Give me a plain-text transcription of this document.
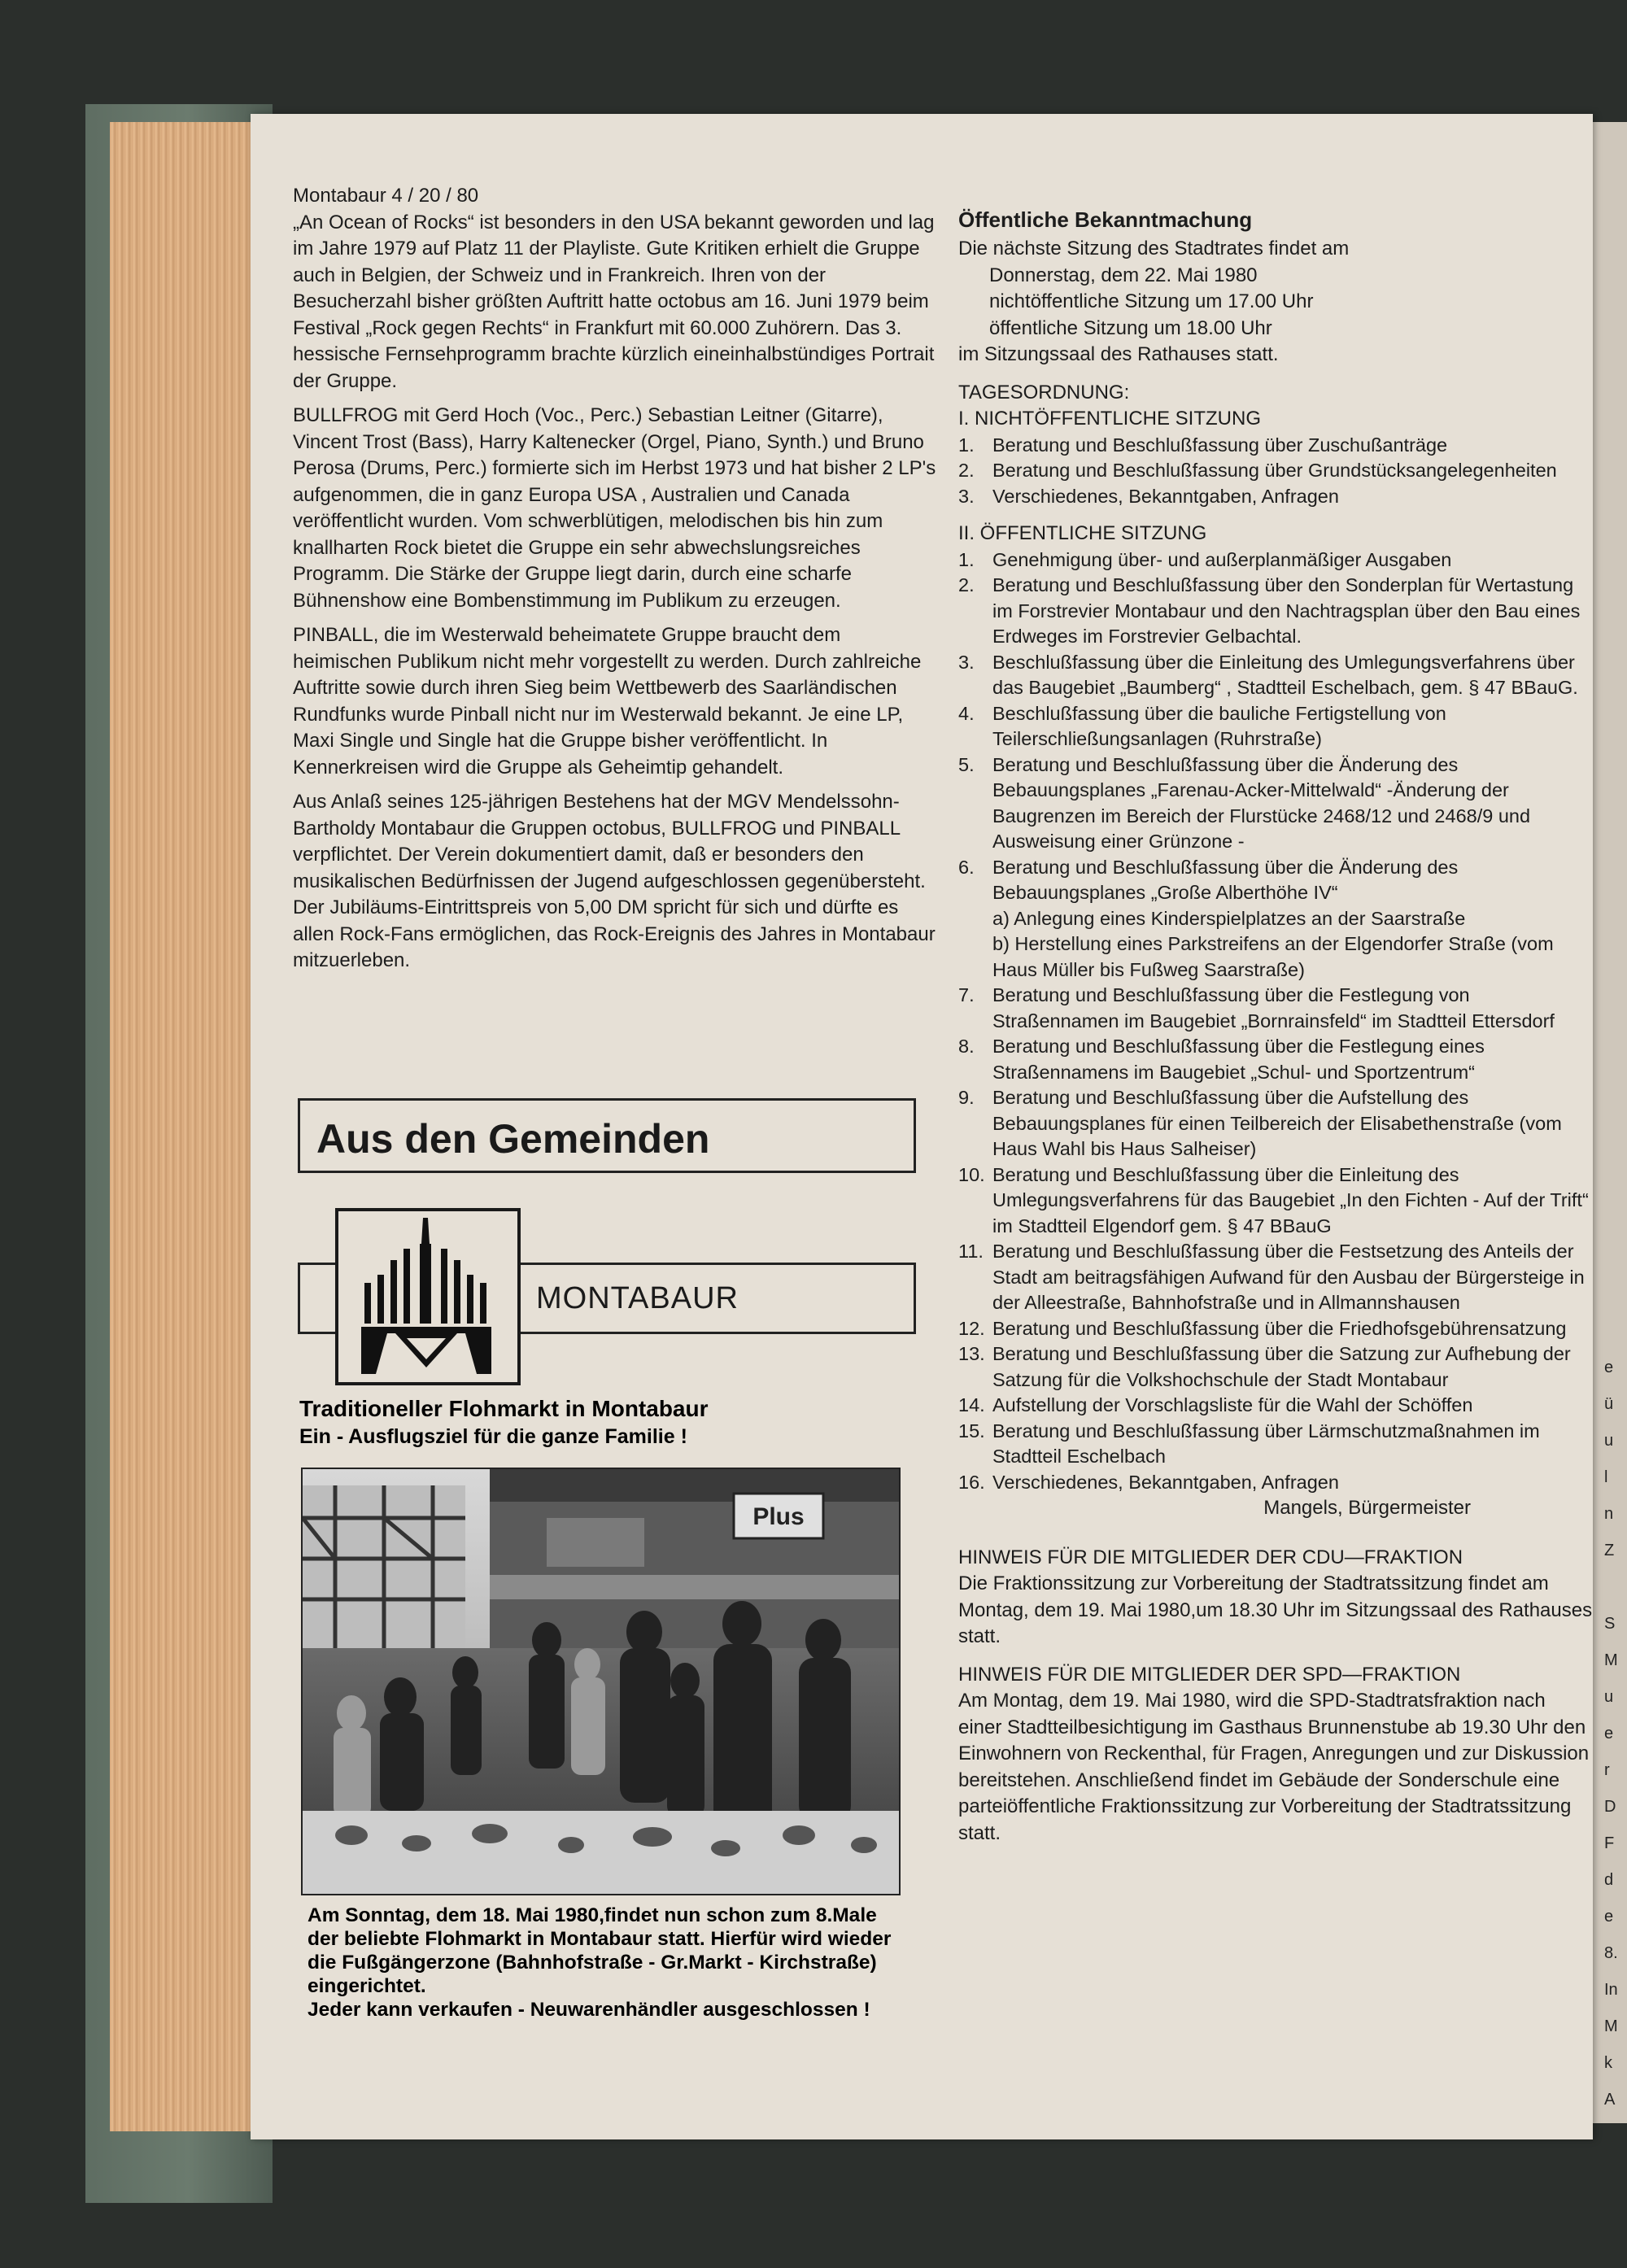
e
ü
u
l
n
Z
S
M
u
e
r
D
F
d
e
8.
In
M
k
A

Montabaur 4 / 20 / 80

„An Ocean of Rocks“ ist besonders in den USA bekannt geworden und lag im Jahre 1979 auf Platz 11 der Playliste. Gute Kritiken erhielt die Gruppe auch in Belgien, der Schweiz und in Frankreich. Ihren von der Besucherzahl bisher größten Auftritt hatte octobus am 16. Juni 1979 beim Festival „Rock gegen Rechts“ in Frankfurt mit 60.000 Zuhörern. Das 3. hessische Fernsehprogramm brachte kürzlich eineinhalbstündiges Portrait der Gruppe.

BULLFROG mit Gerd Hoch (Voc., Perc.) Sebastian Leitner (Gitarre), Vincent Trost (Bass), Harry Kaltenecker (Orgel, Piano, Synth.) und Bruno Perosa (Drums, Perc.) formierte sich im Herbst 1973 und hat bisher 2 LP's aufgenommen, die in ganz Europa USA , Australien und Canada veröffentlicht wurden. Vom schwerblütigen, melodischen bis hin zum knallharten Rock bietet die Gruppe ein sehr abwechslungsreiches Programm. Die Stärke der Gruppe liegt darin, durch eine scharfe Bühnenshow eine Bombenstimmung im Publikum zu erzeugen.

PINBALL, die im Westerwald beheimatete Gruppe braucht dem heimischen Publikum nicht mehr vorgestellt zu werden. Durch zahlreiche Auftritte sowie durch ihren Sieg beim Wettbewerb des Saarländischen Rundfunks wurde Pinball nicht nur im Westerwald bekannt. Je eine LP, Maxi Single und Single hat die Gruppe bisher veröffentlicht. In Kennerkreisen wird die Gruppe als Geheimtip gehandelt.

Aus Anlaß seines 125-jährigen Bestehens hat der MGV Mendelssohn-Bartholdy Montabaur die Gruppen octobus, BULLFROG und PINBALL verpflichtet. Der Verein dokumentiert damit, daß er besonders den musikalischen Bedürfnissen der Jugend aufgeschlossen gegenübersteht. Der Jubiläums-Eintrittspreis von 5,00 DM spricht für sich und dürfte es allen Rock-Fans ermöglichen, das Rock-Ereignis des Jahres in Montabaur mitzuerleben.

Aus den Gemeinden
MONTABAUR

Traditioneller Flohmarkt in Montabaur

Ein - Ausflugsziel für die ganze Familie !

Plus

Am Sonntag, dem 18. Mai 1980,findet nun schon zum 8.Male

der beliebte Flohmarkt in Montabaur statt. Hierfür wird wieder

die Fußgängerzone (Bahnhofstraße - Gr.Markt - Kirchstraße)

eingerichtet.

Jeder kann verkaufen - Neuwarenhändler ausgeschlossen !

Öffentliche Bekanntmachung

Die nächste Sitzung des Stadtrates findet am

Donnerstag, dem 22. Mai 1980

nichtöffentliche Sitzung um 17.00 Uhr

öffentliche Sitzung um 18.00 Uhr

im Sitzungssaal des Rathauses statt.

TAGESORDNUNG:

I. NICHTÖFFENTLICHE SITZUNG

1. Beratung und Beschlußfassung über Zuschußanträge
2. Beratung und Beschlußfassung über Grundstücksangelegenheiten
3. Verschiedenes, Bekanntgaben, Anfragen

II. ÖFFENTLICHE SITZUNG

1. Genehmigung über- und außerplanmäßiger Ausgaben
2. Beratung und Beschlußfassung über den Sonderplan für Wertastung im Forstrevier Montabaur und den Nachtragsplan über den Bau eines Erdweges im Forstrevier Gelbachtal.
3. Beschlußfassung über die Einleitung des Umlegungsverfahrens über das Baugebiet „Baumberg“ , Stadtteil Eschelbach, gem. § 47 BBauG.
4. Beschlußfassung über die bauliche Fertigstellung von Teilerschließungsanlagen (Ruhrstraße)
5. Beratung und Beschlußfassung über die Änderung des Bebauungsplanes „Farenau-Acker-Mittelwald“ -Änderung der Baugrenzen im Bereich der Flurstücke 2468/12 und 2468/9 und Ausweisung einer Grünzone -
6. Beratung und Beschlußfassung über die Änderung des Bebauungsplanes „Große Alberthöhe IV“
a) Anlegung eines Kinderspielplatzes an der Saarstraße
b) Herstellung eines Parkstreifens an der Elgendorfer Straße (vom Haus Müller bis Fußweg Saarstraße)
7. Beratung und Beschlußfassung über die Festlegung von Straßennamen im Baugebiet „Bornrainsfeld“ im Stadtteil Ettersdorf
8. Beratung und Beschlußfassung über die Festlegung eines Straßennamens im Baugebiet „Schul- und Sportzentrum“
9. Beratung und Beschlußfassung über die Aufstellung des Bebauungsplanes für einen Teilbereich der Elisabethenstraße (vom Haus Wahl bis Haus Salheiser)
10. Beratung und Beschlußfassung über die Einleitung des Umlegungsverfahrens für das Baugebiet „In den Fichten - Auf der Trift“ im Stadtteil Elgendorf gem. § 47 BBauG
11. Beratung und Beschlußfassung über die Festsetzung des Anteils der Stadt am beitragsfähigen Aufwand für den Ausbau der Bürgersteige in der Alleestraße, Bahnhofstraße und in Allmannshausen
12. Beratung und Beschlußfassung über die Friedhofsgebührensatzung
13. Beratung und Beschlußfassung über die Satzung zur Aufhebung der Satzung für die Volkshochschule der Stadt Montabaur
14. Aufstellung der Vorschlagsliste für die Wahl der Schöffen
15. Beratung und Beschlußfassung über Lärmschutzmaßnahmen im Stadtteil Eschelbach
16. Verschiedenes, Bekanntgaben, Anfragen

Mangels, Bürgermeister

HINWEIS FÜR DIE MITGLIEDER DER CDU—FRAKTION

Die Fraktionssitzung zur Vorbereitung der Stadtratssitzung findet am Montag, dem 19. Mai 1980,um 18.30 Uhr im Sitzungssaal des Rathauses statt.

HINWEIS FÜR DIE MITGLIEDER DER SPD—FRAKTION

Am Montag, dem 19. Mai 1980, wird die SPD-Stadtratsfraktion nach einer Stadtteilbesichtigung im Gasthaus Brunnenstube ab 19.30 Uhr den Einwohnern von Reckenthal, für Fragen, Anregungen und zur Diskussion bereitstehen. Anschließend findet im Gebäude der Sonderschule eine parteiöffentliche Fraktionssitzung zur Vorbereitung der Stadtratssitzung statt.
